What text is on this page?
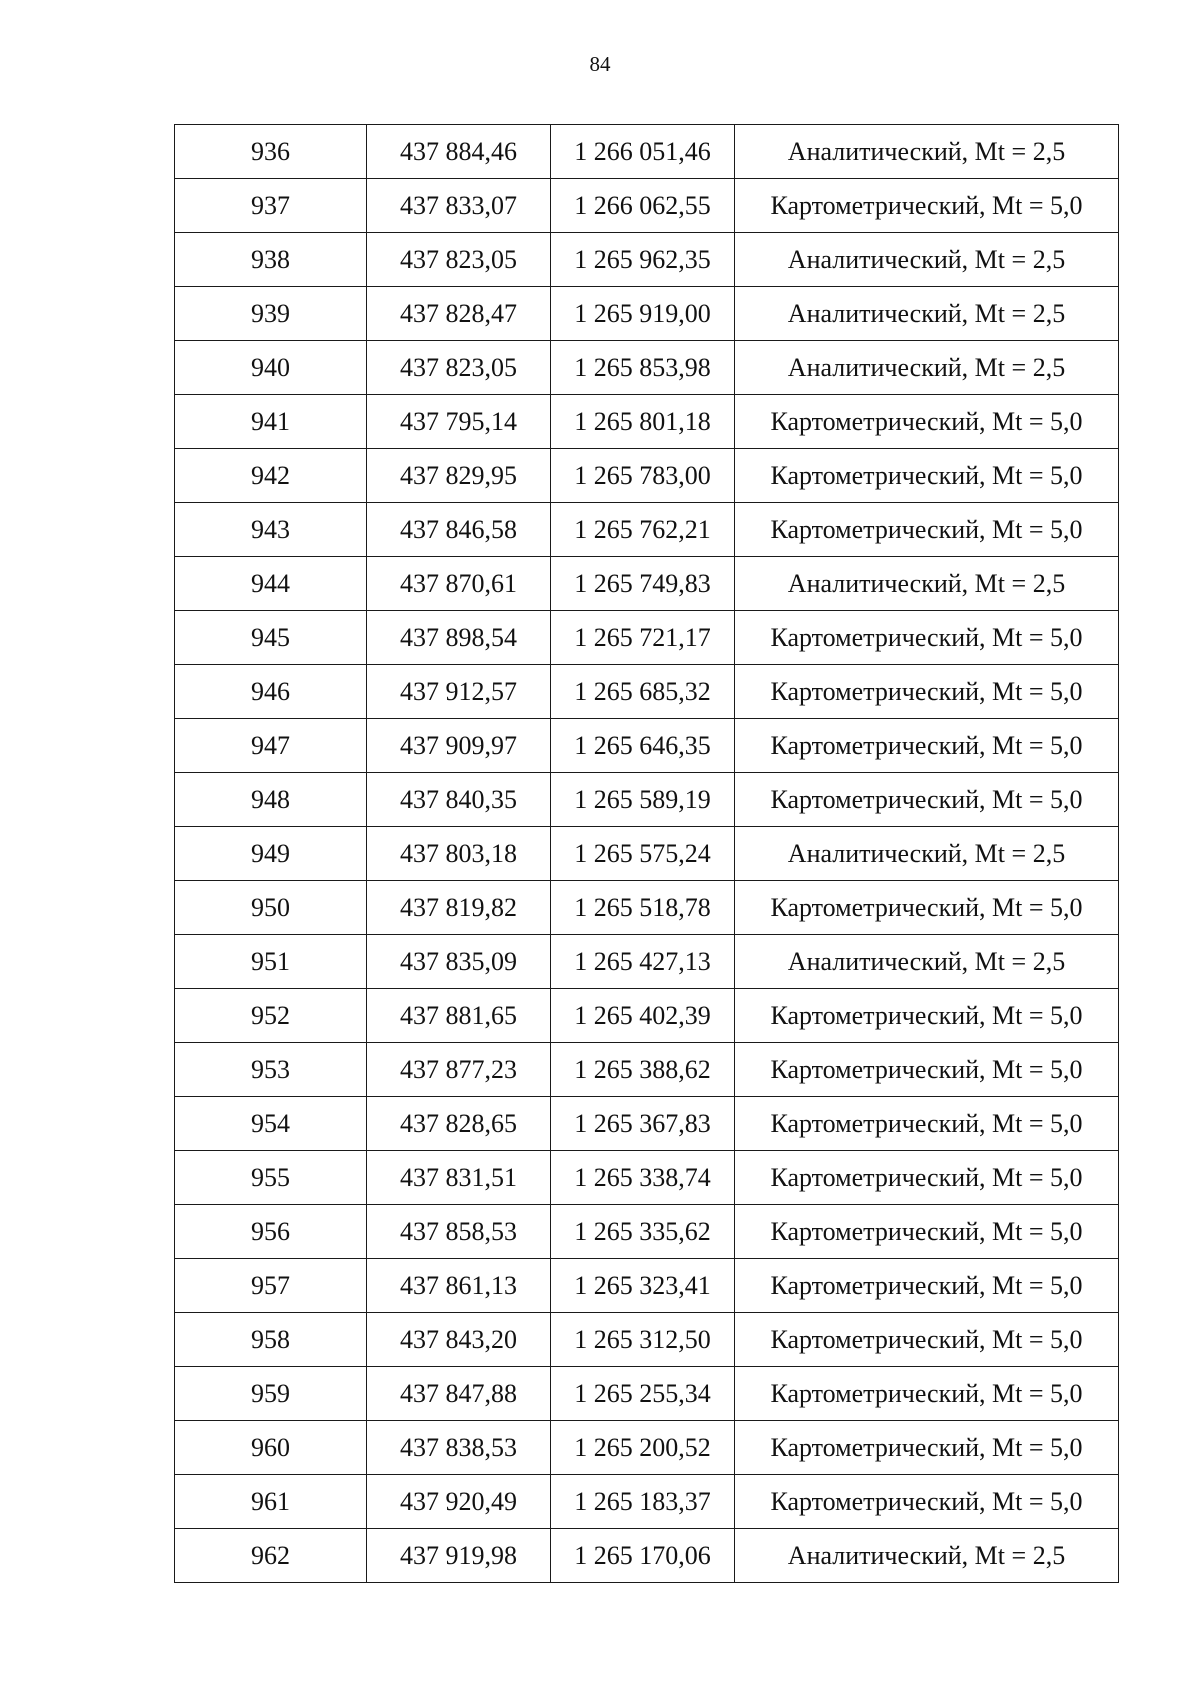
84
936	437 884,46	1 266 051,46	Аналитический, Mt = 2,5
937	437 833,07	1 266 062,55	Картометрический, Mt = 5,0
938	437 823,05	1 265 962,35	Аналитический, Mt = 2,5
939	437 828,47	1 265 919,00	Аналитический, Mt = 2,5
940	437 823,05	1 265 853,98	Аналитический, Mt = 2,5
941	437 795,14	1 265 801,18	Картометрический, Mt = 5,0
942	437 829,95	1 265 783,00	Картометрический, Mt = 5,0
943	437 846,58	1 265 762,21	Картометрический, Mt = 5,0
944	437 870,61	1 265 749,83	Аналитический, Mt = 2,5
945	437 898,54	1 265 721,17	Картометрический, Mt = 5,0
946	437 912,57	1 265 685,32	Картометрический, Mt = 5,0
947	437 909,97	1 265 646,35	Картометрический, Mt = 5,0
948	437 840,35	1 265 589,19	Картометрический, Mt = 5,0
949	437 803,18	1 265 575,24	Аналитический, Mt = 2,5
950	437 819,82	1 265 518,78	Картометрический, Mt = 5,0
951	437 835,09	1 265 427,13	Аналитический, Mt = 2,5
952	437 881,65	1 265 402,39	Картометрический, Mt = 5,0
953	437 877,23	1 265 388,62	Картометрический, Mt = 5,0
954	437 828,65	1 265 367,83	Картометрический, Mt = 5,0
955	437 831,51	1 265 338,74	Картометрический, Mt = 5,0
956	437 858,53	1 265 335,62	Картометрический, Mt = 5,0
957	437 861,13	1 265 323,41	Картометрический, Mt = 5,0
958	437 843,20	1 265 312,50	Картометрический, Mt = 5,0
959	437 847,88	1 265 255,34	Картометрический, Mt = 5,0
960	437 838,53	1 265 200,52	Картометрический, Mt = 5,0
961	437 920,49	1 265 183,37	Картометрический, Mt = 5,0
962	437 919,98	1 265 170,06	Аналитический, Mt = 2,5
